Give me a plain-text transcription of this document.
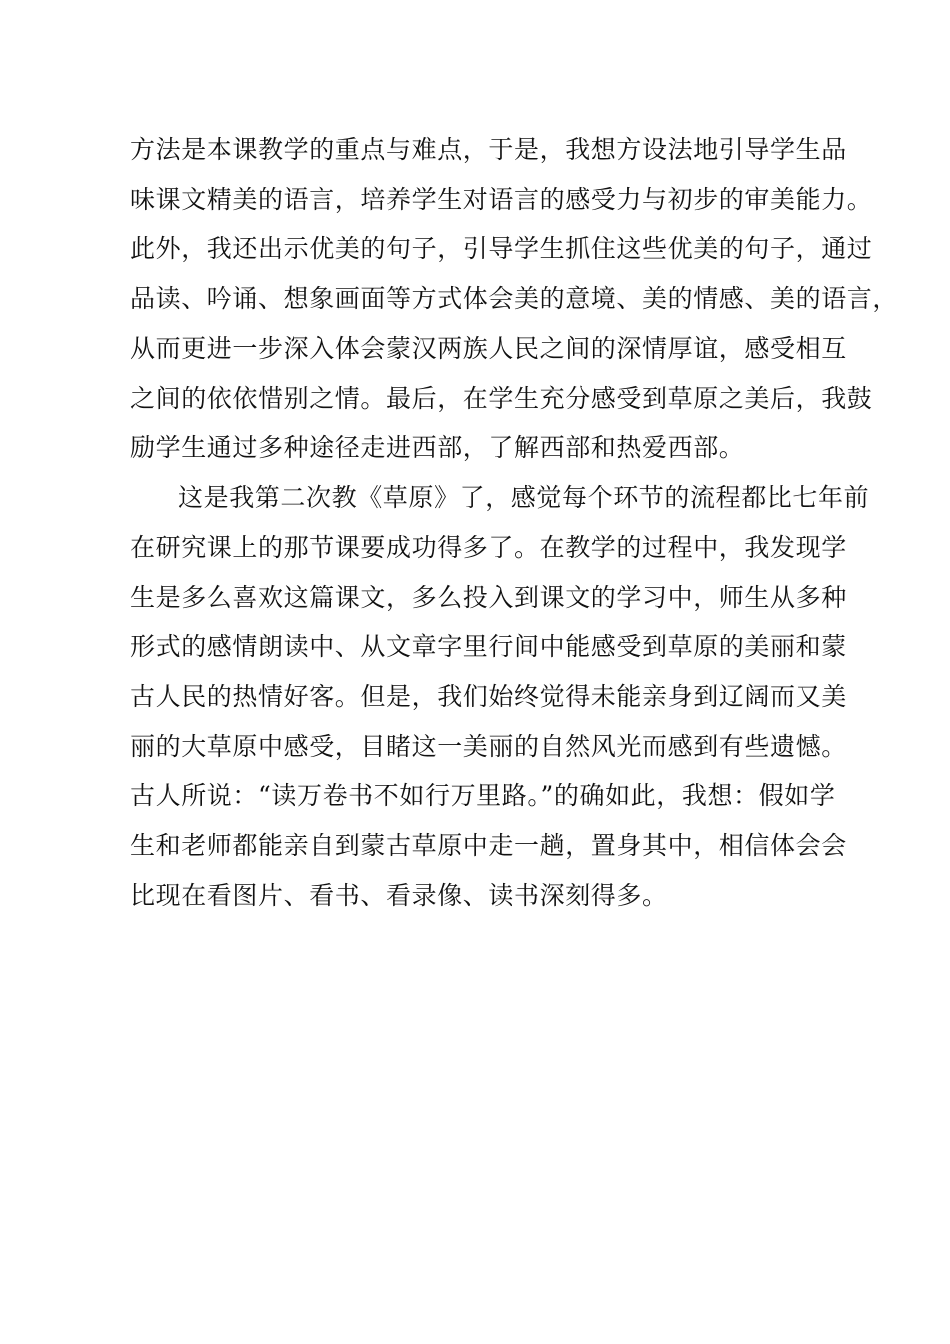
方法是本课教学的重点与难点，于是，我想方设法地引导学生品
味课文精美的语言，培养学生对语言的感受力与初步的审美能力。
此外，我还出示优美的句子，引导学生抓住这些优美的句子，通过
品读、吟诵、想象画面等方式体会美的意境、美的情感、美的语言，
从而更进一步深入体会蒙汉两族人民之间的深情厚谊，感受相互
之间的依依惜别之情。最后，在学生充分感受到草原之美后，我鼓
励学生通过多种途径走进西部，了解西部和热爱西部。
这是我第二次教《草原》了，感觉每个环节的流程都比七年前
在研究课上的那节课要成功得多了。在教学的过程中，我发现学
生是多么喜欢这篇课文，多么投入到课文的学习中，师生从多种
形式的感情朗读中、从文章字里行间中能感受到草原的美丽和蒙
古人民的热情好客。但是，我们始终觉得未能亲身到辽阔而又美
丽的大草原中感受，目睹这一美丽的自然风光而感到有些遗憾。
古人所说：“读万卷书不如行万里路。”的确如此，我想：假如学
生和老师都能亲自到蒙古草原中走一趟，置身其中，相信体会会
比现在看图片、看书、看录像、读书深刻得多。
